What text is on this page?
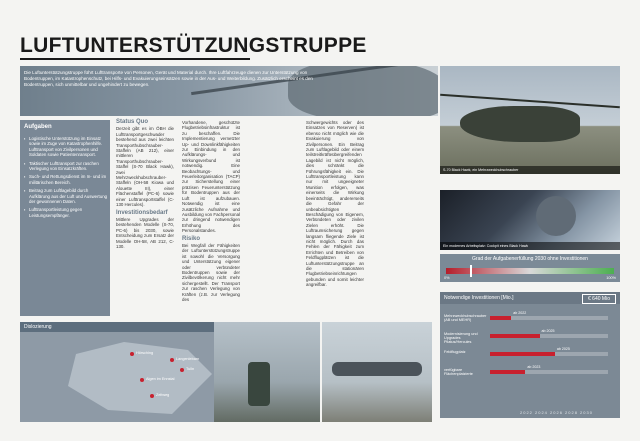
LUFTUNTERSTÜTZUNGSTRUPPE

Die Luftunterstützungstruppe führt Lufttransporte von Personen, Gerät und Material durch. Ihre Luftfahrzeuge dienen zur Unterstützung von Bodentruppen, im Katastrophenschutz, bei Hilfs- und Evakuierungseinsätzen sowie in der Aus- und Weiterbildung. Zusätzlich erscheint es den Bodentruppen, sich unmittelbar und ungehindert zu bewegen.

S-70 Black Hawk, ein Mehrzweckhubschrauber
Ein modernes Arbeitsplatz: Cockpit eines Black Hawk
Aufgaben
▪ Logistische Unterstützung im Einsatz sowie im Zuge von Katastrophenhilfe. Lufttransport von Zivilpersonen und Soldaten sowie Patientenransport.
▪ Taktischer Lufttransport zur raschen Verlegung von Einsatzkräften.
▪ Such- und Rettungsdienst im In- und im militärischen Bereich.
▪ Beitrag zum Luftlagebild durch Aufklärung aus der Luft und Auswertung der gewonnenen Daten.
▪ Lufttransportleistung gegen Leistungsempfänger.
Status Quo

Derzeit gibt es im ÖBH die Lufttransportgeschwader bestehend aus zwei leichten Transporthubschrauber-Staffeln (AB 212), einer mittleren Transporthubschrauber-Staffel (S-70 Black Hawk), zwei Mehrzweckhubschrauber-Staffeln (OH-58 Kiowa und Alouette III), einer Flächenstaffel (PC-6) sowie einer Lufttransportstaffel (C-130 Hercules).

Investitionsbedarf

Mittlere Upgrades der bestehenden Modelle (S-70, PC-6) bis 2030, sowie Entscheidung zum Ersatz der Modelle OH-58, AB 212, C-130.

Vorhandene, geschützte Flugbetriebsinfrastruktur ist zu beschaffen. Die Implementierung vernetzter Up- und Downlinkfähigkeiten zur Einbindung in den Aufklärungs- und Wirkungsverbund ist notwendig. Eine Beobachtungs- und Feuerleitorganisation (TACP) zur Sicherstellung einer präzisen Feuerunterstützung für Bodentruppen aus der Luft ist aufzubauen. Notwendig ist eine zusätzliche Aufnahme und Ausbildung von Fachpersonal zur dringend notwendigen Erhöhung des Personalstandes.

Risiko

Bei Wegfall der Fähigkeiten der Luftunterstützungstruppe ist sowohl die Versorgung und Unterstützung eigener oder verbündeter Bodentruppen sowie der Zivilbevölkerung nicht mehr sichergestellt. Der Transport zur raschen Verlegung von Kräften (z.B. zur Verlegung des

Schwergewichts oder des Einsatzes von Reserven) ist ebenso nicht möglich wie die Evakuierung von Zivilpersonen. Ein Beitrag zum Luftlagebild oder einem teilstreitkräfteübergreifenden Lagebild ist nicht möglich, dies schränkt die Führungsfähigkeit ein. Die Lufttransportleistung kann nur mit ungeeigneter Munition erfolgen, was einerseits die Wirkung beeinträchtigt, andererseits die Gefahr der unbeabsichtigten Beschädigung von Eigenem, Verbündeten oder zivilen Zielen erhöht. Die Luftraumsicherung gegen langsam fliegende Ziele ist nicht möglich. Durch das Fehlen der Fähigkeit zum Errichten und Betreiben von Feldflugplätzen ist die Luftunterstützungstruppe an die stationären Flugbetriebseinrichtungen gebunden und somit leichter angreifbar.

Dislozierung
Hörsching
Langenlebarn
Aigen im Ennstal
Zeltweg
Tulln
Grad der Aufgabenerfüllung 2030 ohne Investitionen
0%	100%
Notwendige Investitionen [Mio.]	€ 640 Mio
Mehrzweckhubschrauber (AB und MEHR)
ab 2022
Modernisierung und Upgrades Pilatus/Hercules
ab 2025
Feldflugplatz
ab 2025
verfügbare Flächenplatzierte
ab 2023
2022 2024 2026 2028 2030
